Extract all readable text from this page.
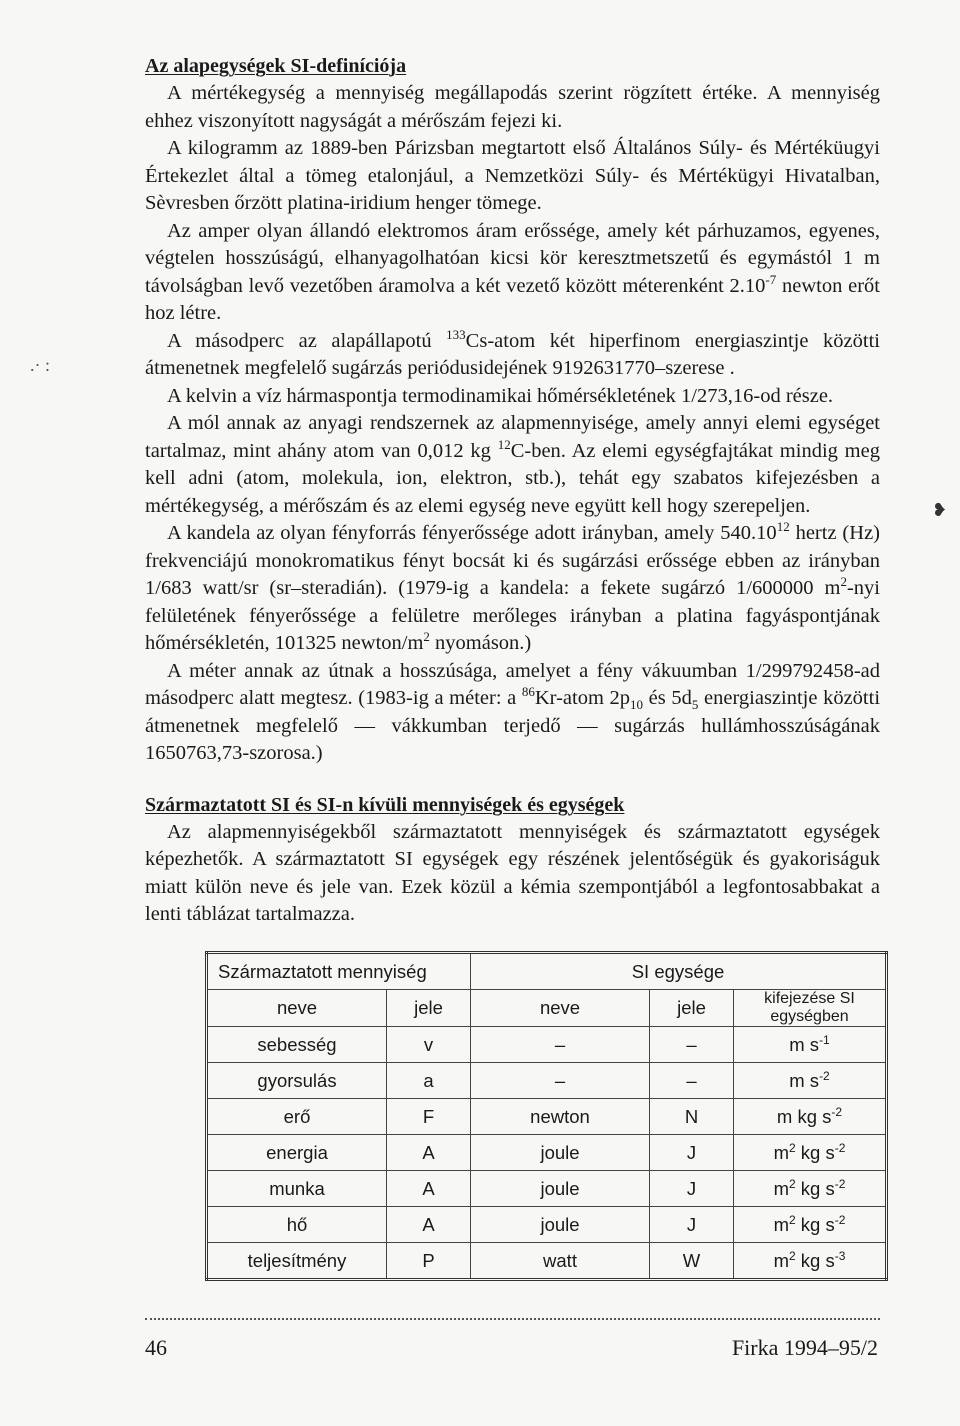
.· :
❥
Az alapegységek SI-definíciója

A mértékegység a mennyiség megállapodás szerint rögzített értéke. A mennyiség ehhez viszonyított nagyságát a mérőszám fejezi ki.

A kilogramm az 1889-ben Párizsban megtartott első Általános Súly- és Mértéküugyi Értekezlet által a tömeg etalonjául, a Nemzetközi Súly- és Mértékügyi Hivatalban, Sèvresben őrzött platina-iridium henger tömege.

Az amper olyan állandó elektromos áram erőssége, amely két párhuzamos, egyenes, végtelen hosszúságú, elhanyagolhatóan kicsi kör keresztmetszetű és egymástól 1 m távolságban levő vezetőben áramolva a két vezető között méterenként $2.10^{-7}$ newton erőt hoz létre.

A másodperc az alapállapotú $^{133}$Cs-atom két hiperfinom energiaszintje közötti átmenetnek megfelelő sugárzás periódusidejének 9192631770–szerese .

A kelvin a víz hármaspontja termodinamikai hőmérsékletének 1/273,16-od része.

A mól annak az anyagi rendszernek az alapmennyisége, amely annyi elemi egységet tartalmaz, mint ahány atom van 0,012 kg $^{12}$C-ben. Az elemi egységfajtákat mindig meg kell adni (atom, molekula, ion, elektron, stb.), tehát egy szabatos kifejezésben a mértékegység, a mérőszám és az elemi egység neve együtt kell hogy szerepeljen.

A kandela az olyan fényforrás fényerőssége adott irányban, amely 540.10$^{12}$ hertz (Hz) frekvenciájú monokromatikus fényt bocsát ki és sugárzási erőssége ebben az irányban 1/683 watt/sr (sr–steradián). (1979-ig a kandela: a fekete sugárzó 1/600000 $m^2$-nyi felületének fényerőssége a felületre merőleges irányban a platina fagyáspontjának hőmérsékletén, 101325 newton/$m^2$ nyomáson.)

A méter annak az útnak a hosszúsága, amelyet a fény vákuumban 1/299792458-ad másodperc alatt megtesz. (1983-ig a méter: a $^{86}$Kr-atom $2p_{10}$ és $5d_5$ energiaszintje közötti átmenetnek megfelelő — vákkumban terjedő — sugárzás hullámhosszúságának 1650763,73-szorosa.)

Származtatott SI és SI-n kívüli mennyiségek és egységek

Az alapmennyiségekből származtatott mennyiségek és származtatott egységek képezhetők. A származtatott SI egységek egy részének jelentőségük és gyakoriságuk miatt külön neve és jele van. Ezek közül a kémia szempontjából a legfontosabbakat a lenti táblázat tartalmazza.

Származtatott mennyiség		SI egysége		
neve	jele	neve	jele	kifejezése SI egységben
sebesség	v	–	–	m $s^{-1}$
gyorsulás	a	–	–	m $s^{-2}$
erő	F	newton	N	m kg $s^{-2}$
energia	A	joule	J	$m^2$ kg $s^{-2}$
munka	A	joule	J	$m^2$ kg $s^{-2}$
hő	A	joule	J	$m^2$ kg $s^{-2}$
teljesítmény	P	watt	W	$m^2$ kg $s^{-3}$
46	Firka 1994–95/2
